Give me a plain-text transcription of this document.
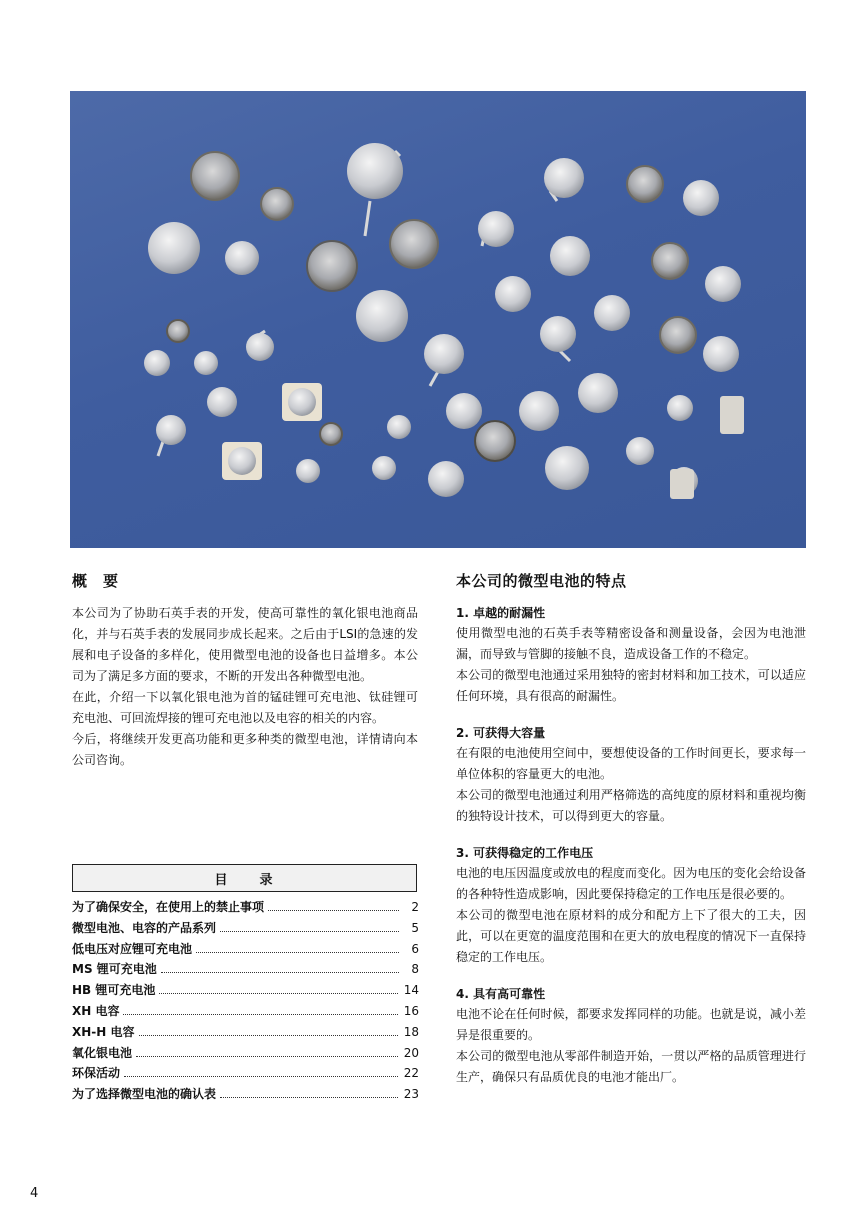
概　要

本公司为了协助石英手表的开发，使高可靠性的氧化银电池商品化，并与石英手表的发展同步成长起来。之后由于LSI的急速的发展和电子设备的多样化，使用微型电池的设备也日益增多。本公司为了满足多方面的要求，不断的开发出各种微型电池。

在此，介绍一下以氧化银电池为首的锰硅锂可充电池、钛硅锂可充电池、可回流焊接的锂可充电池以及电容的相关的内容。

今后，将继续开发更高功能和更多种类的微型电池，详情请向本公司咨询。

目　　录
为了确保安全，在使用上的禁止事项	2
微型电池、电容的产品系列	5
低电压对应锂可充电池	6
MS 锂可充电池	8
HB 锂可充电池	14
XH 电容	16
XH-H 电容	18
氧化银电池	20
环保活动	22
为了选择微型电池的确认表	23
本公司的微型电池的特点

1. 卓越的耐漏性

使用微型电池的石英手表等精密设备和测量设备，会因为电池泄漏，而导致与管脚的接触不良，造成设备工作的不稳定。

本公司的微型电池通过采用独特的密封材料和加工技术，可以适应任何环境，具有很高的耐漏性。

2. 可获得大容量

在有限的电池使用空间中，要想使设备的工作时间更长，要求每一单位体积的容量更大的电池。

本公司的微型电池通过利用严格筛选的高纯度的原材料和重视均衡的独特设计技术，可以得到更大的容量。

3. 可获得稳定的工作电压

电池的电压因温度或放电的程度而变化。因为电压的变化会给设备的各种特性造成影响，因此要保持稳定的工作电压是很必要的。

本公司的微型电池在原材料的成分和配方上下了很大的工夫，因此，可以在更宽的温度范围和在更大的放电程度的情况下一直保持稳定的工作电压。

4. 具有高可靠性

电池不论在任何时候，都要求发挥同样的功能。也就是说，减小差异是很重要的。

本公司的微型电池从零部件制造开始，一贯以严格的品质管理进行生产，确保只有品质优良的电池才能出厂。

4
